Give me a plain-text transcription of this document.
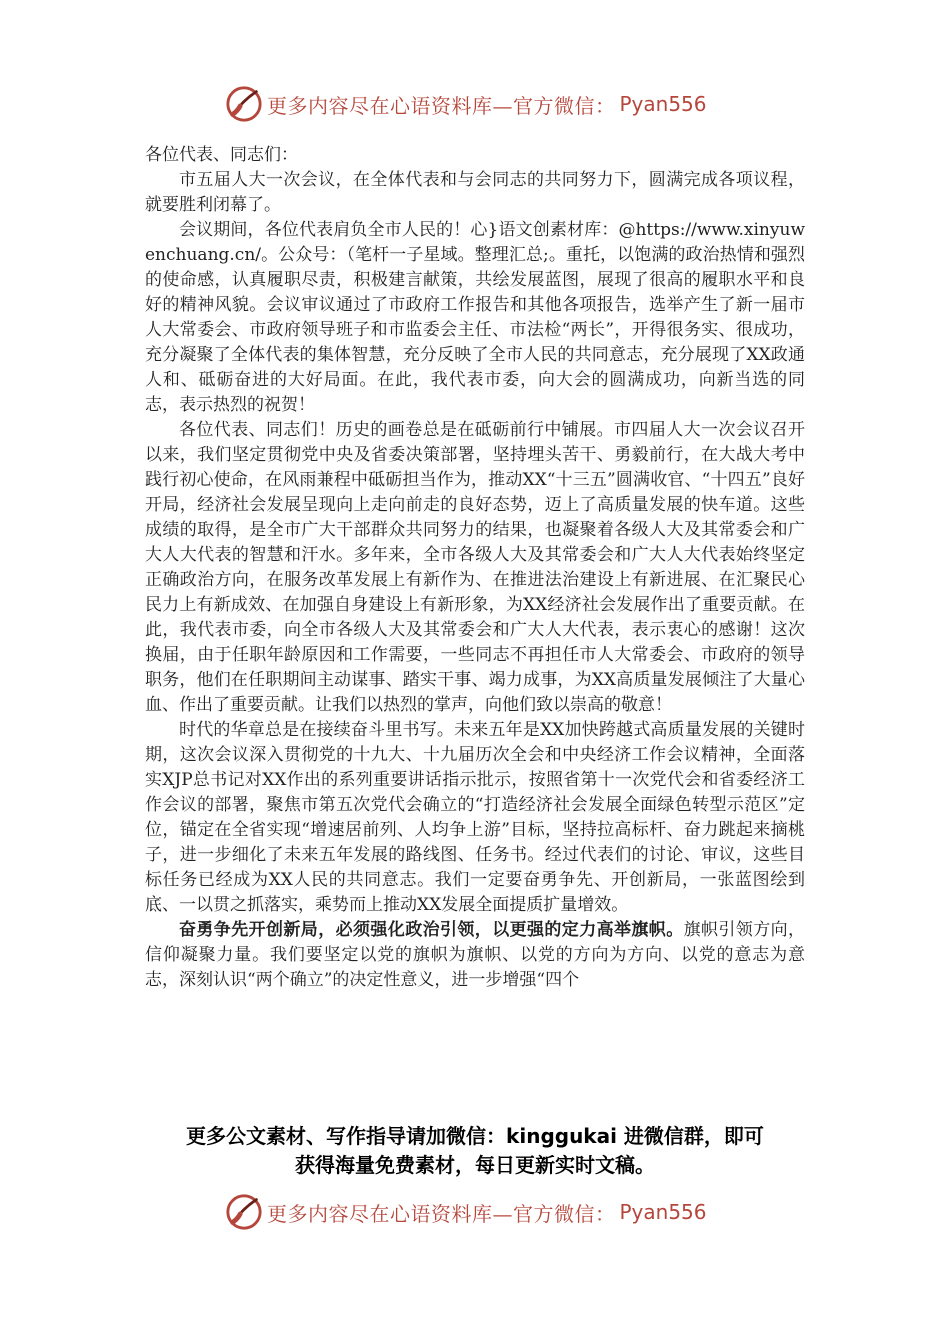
更多内容尽在心语资料库—官方微信： Pyan556

各位代表、同志们：

市五届人大一次会议，在全体代表和与会同志的共同努力下，圆满完成各项议程，就要胜利闭幕了。

会议期间，各位代表肩负全市人民的！心}语文创素材库：@https://www.xinyuwenchuang.cn/。公众号：（笔杆一子星域。整理汇总;。重托，以饱满的政治热情和强烈的使命感，认真履职尽责，积极建言献策，共绘发展蓝图，展现了很高的履职水平和良好的精神风貌。会议审议通过了市政府工作报告和其他各项报告，选举产生了新一届市人大常委会、市政府领导班子和市监委会主任、市法检“两长”，开得很务实、很成功，充分凝聚了全体代表的集体智慧，充分反映了全市人民的共同意志，充分展现了XX政通人和、砥砺奋进的大好局面。在此，我代表市委，向大会的圆满成功，向新当选的同志，表示热烈的祝贺！

各位代表、同志们！历史的画卷总是在砥砺前行中铺展。市四届人大一次会议召开以来，我们坚定贯彻党中央及省委决策部署，坚持埋头苦干、勇毅前行，在大战大考中践行初心使命，在风雨兼程中砥砺担当作为，推动XX“十三五”圆满收官、“十四五”良好开局，经济社会发展呈现向上走向前走的良好态势，迈上了高质量发展的快车道。这些成绩的取得，是全市广大干部群众共同努力的结果，也凝聚着各级人大及其常委会和广大人大代表的智慧和汗水。多年来，全市各级人大及其常委会和广大人大代表始终坚定正确政治方向，在服务改革发展上有新作为、在推进法治建设上有新进展、在汇聚民心民力上有新成效、在加强自身建设上有新形象，为XX经济社会发展作出了重要贡献。在此，我代表市委，向全市各级人大及其常委会和广大人大代表，表示衷心的感谢！这次换届，由于任职年龄原因和工作需要，一些同志不再担任市人大常委会、市政府的领导职务，他们在任职期间主动谋事、踏实干事、竭力成事，为XX高质量发展倾注了大量心血、作出了重要贡献。让我们以热烈的掌声，向他们致以崇高的敬意！

时代的华章总是在接续奋斗里书写。未来五年是XX加快跨越式高质量发展的关键时期，这次会议深入贯彻党的十九大、十九届历次全会和中央经济工作会议精神，全面落实XJP总书记对XX作出的系列重要讲话指示批示，按照省第十一次党代会和省委经济工作会议的部署，聚焦市第五次党代会确立的“打造经济社会发展全面绿色转型示范区”定位，锚定在全省实现“增速居前列、人均争上游”目标，坚持拉高标杆、奋力跳起来摘桃子，进一步细化了未来五年发展的路线图、任务书。经过代表们的讨论、审议，这些目标任务已经成为XX人民的共同意志。我们一定要奋勇争先、开创新局，一张蓝图绘到底、一以贯之抓落实，乘势而上推动XX发展全面提质扩量增效。

奋勇争先开创新局，必须强化政治引领，以更强的定力高举旗帜。旗帜引领方向，信仰凝聚力量。我们要坚定以党的旗帜为旗帜、以党的方向为方向、以党的意志为意志，深刻认识“两个确立”的决定性意义，进一步增强“四个

更多公文素材、写作指导请加微信：kinggukai 进微信群，即可

获得海量免费素材，每日更新实时文稿。

更多内容尽在心语资料库—官方微信： Pyan556
